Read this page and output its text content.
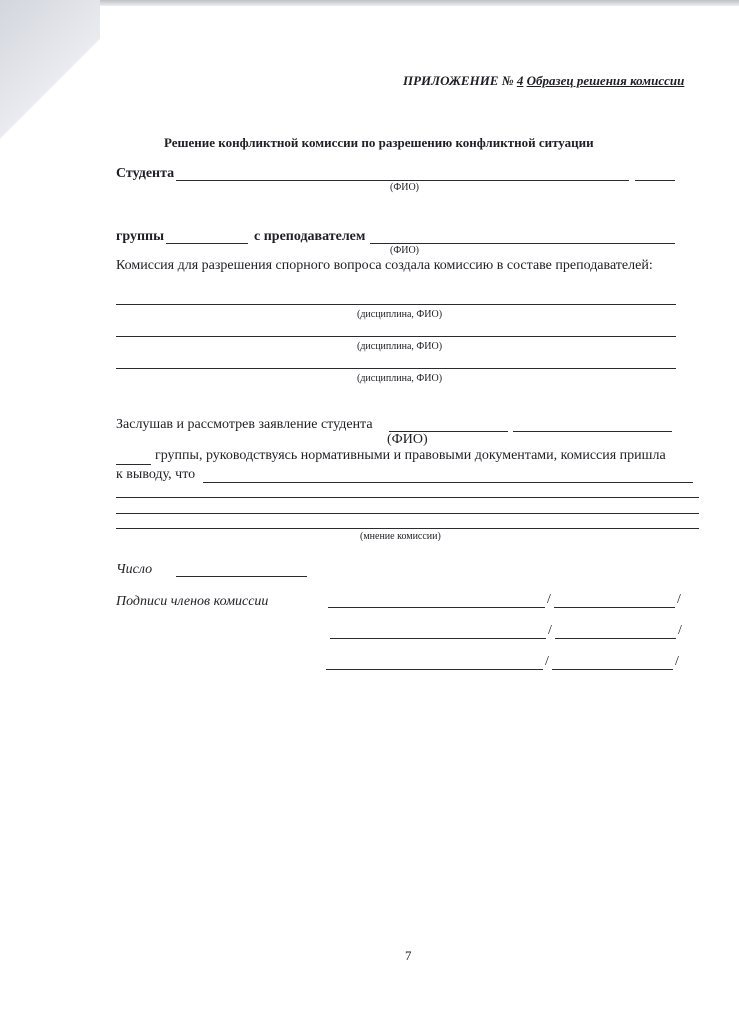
ПРИЛОЖЕНИЕ № 4 Образец решения комиссии
Решение конфликтной комиссии по разрешению конфликтной ситуации
Студента
(ФИО)
группы	с преподавателем
(ФИО)
Комиссия для разрешения спорного вопроса создала комиссию в составе преподавателей:
(дисциплина, ФИО)
(дисциплина, ФИО)
(дисциплина, ФИО)
Заслушав и рассмотрев заявление студента
(ФИО)
группы, руководствуясь нормативными и правовыми документами, комиссия пришла
к выводу, что
(мнение комиссии)
Число
Подписи членов комиссии	/	/
/	/
/	/
7
